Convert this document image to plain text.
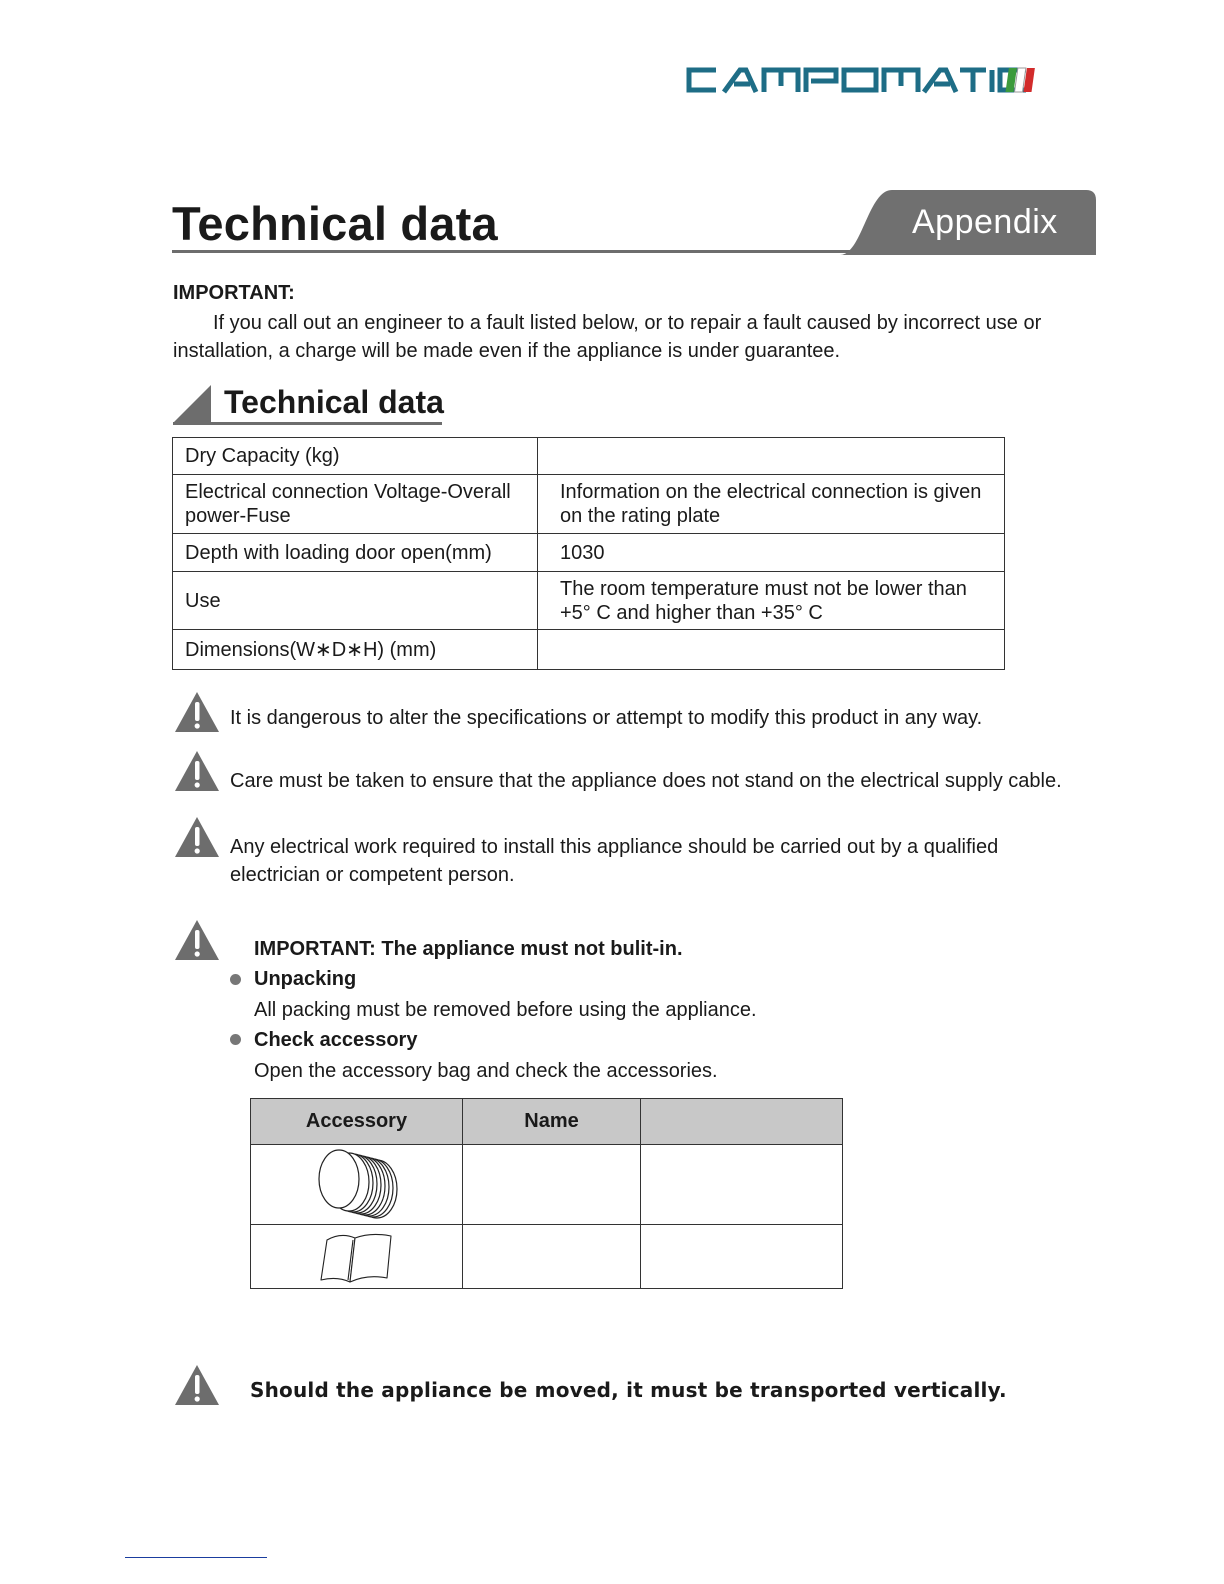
Technical data	Appendix
IMPORTANT:
If you call out an engineer to a fault listed below, or to repair a fault caused by incorrect use or installation, a charge will be made even if the appliance is under guarantee.
Technical data
Dry Capacity (kg)	
Electrical connection Voltage-Overall power-Fuse	Information on the electrical connection is given on the rating plate
Depth with loading door open(mm)	1030
Use	The room temperature must not be lower than +5° C and higher than +35° C
Dimensions(W∗D∗H) (mm)	
It is dangerous to alter the specifications or attempt to modify this product in any way.
Care must be taken to ensure that the appliance does not stand on the electrical supply cable.
Any electrical work required to install this appliance should be carried out by a qualified electrician or competent person.
IMPORTANT: The appliance must not bulit-in.
Unpacking
All packing must be removed before using the appliance.
Check accessory
Open the accessory bag and check the accessories.
Accessory	Name	

Should the appliance be moved, it must be transported vertically.
